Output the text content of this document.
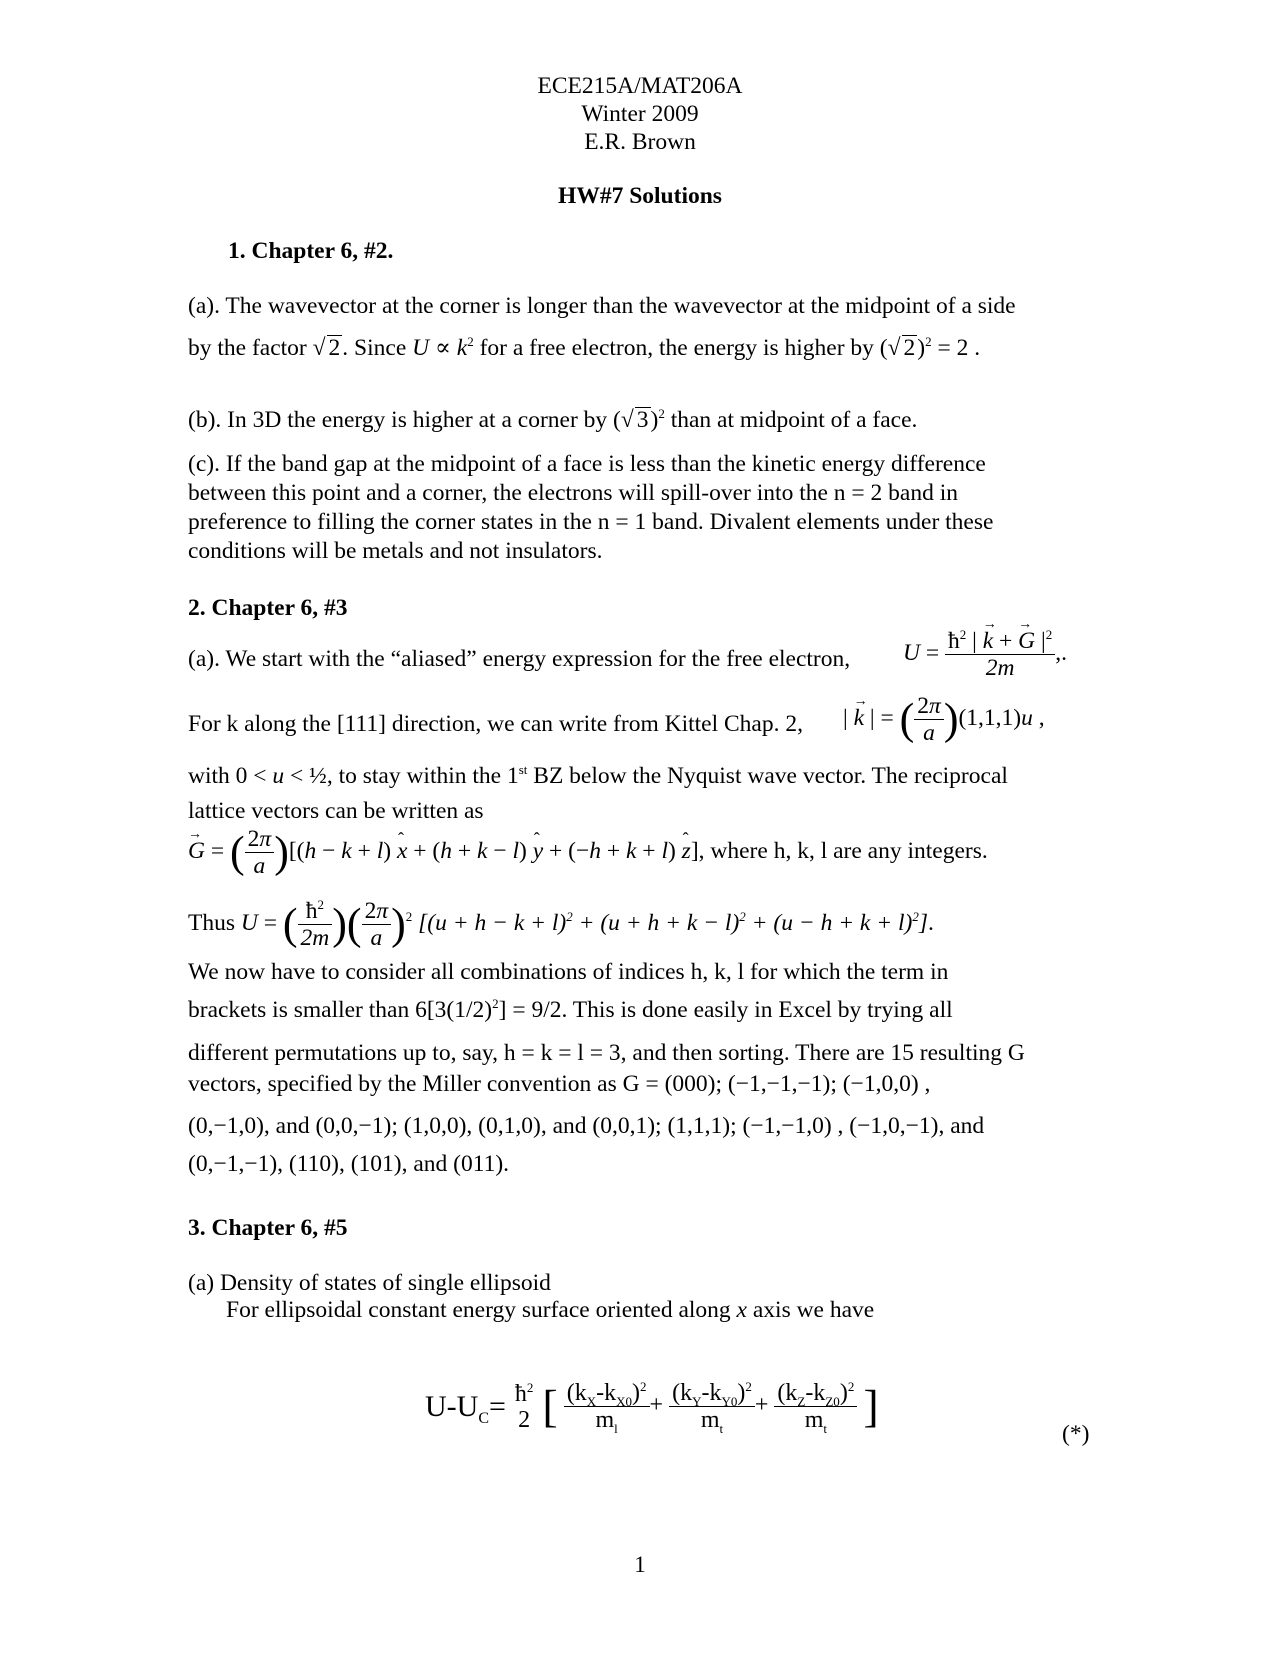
ECE215A/MAT206A
Winter 2009
E.R. Brown
HW#7 Solutions
1. Chapter 6, #2.
(a). The wavevector at the corner is longer than the wavevector at the midpoint of a side
by the factor √ 2. Since $U \propto k^2$ for a free electron, the energy is higher by (√ 2)$^2$ = 2 .
(b). In 3D the energy is higher at a corner by (√ 3)$^2$ than at midpoint of a face.
(c). If the band gap at the midpoint of a face is less than the kinetic energy difference
between this point and a corner, the electrons will spill-over into the n = 2 band in
preference to filling the corner states in the n = 1 band. Divalent elements under these
conditions will be metals and not insulators.
2. Chapter 6, #3
(a). We start with the “aliased” energy expression for the free electron, $U = \frac{ħ^2 | \to k + \to G |^2}{2m}$ ,.
For k along the [111] direction, we can write from Kittel Chap. 2, | → k | = ( $\frac{2\pi}{a} )(1,1,1)u$ ,
with 0 < u < ½, to stay within the 1st BZ below the Nyquist wave vector. The reciprocal
lattice vectors can be written as
→ G = ( $\frac{2\pi}{a} )[(h - k + l)$ ˆ x + (h + k − l) ˆ y + (−h + k + l) ˆ z], where h, k, l are any integers.
Thus U = ( $\frac{ħ^2}{2m}$ )( $\frac{2\pi}{a} )^2$ $[(u + h - k + l)^2 + (u + h + k - l)^2 + (u - h + k + l)^2]$.
We now have to consider all combinations of indices h, k, l for which the term in
brackets is smaller than $6[3(1/2)^2] = 9/2$. This is done easily in Excel by trying all
different permutations up to, say, h = k = l = 3, and then sorting. There are 15 resulting G
vectors, specified by the Miller convention as G = (000); (−1,−1,−1); (−1,0,0) ,
(0,−1,0), and (0,0,−1); (1,0,0), (0,1,0), and (0,0,1); (1,1,1); (−1,−1,0) , (−1,0,−1), and
(0,−1,−1), (110), (101), and (011).
3. Chapter 6, #5
(a) Density of states of single ellipsoid
For ellipsoidal constant energy surface oriented along x axis we have
$U-U_C=$ $ħ^2$
2 [ $\frac{(k_X-k_{X0})^2}{m_l} + \frac{(k_Y-k_{Y0})^2}{m_t} + \frac{(k_Z-k_{Z0})^2}{m_t}$ ]
(*)
1
